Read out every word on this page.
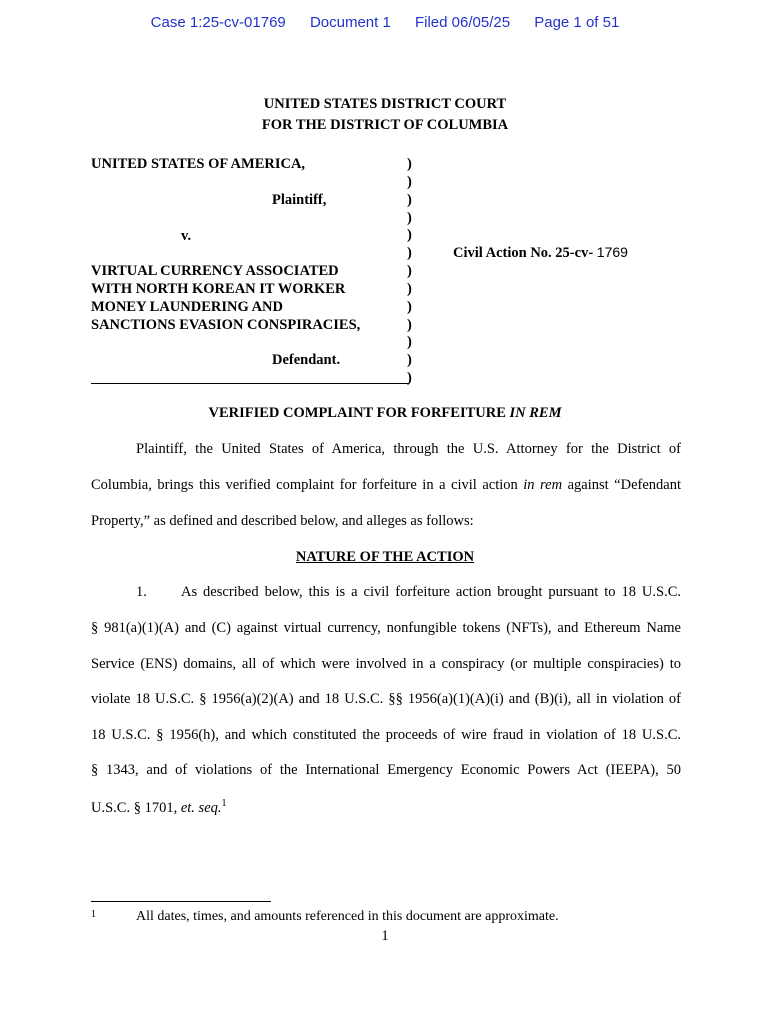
Case 1:25-cv-01769 Document 1 Filed 06/05/25 Page 1 of 51
UNITED STATES DISTRICT COURT
FOR THE DISTRICT OF COLUMBIA
UNITED STATES OF AMERICA,
Plaintiff,
v.
VIRTUAL CURRENCY ASSOCIATED
WITH NORTH KOREAN IT WORKER
MONEY LAUNDERING AND
SANCTIONS EVASION CONSPIRACIES,
Defendant.
)
)
)
)
)
)
)
)
)
)
)
)
)
Civil Action No. 25-cv- 1769
VERIFIED COMPLAINT FOR FORFEITURE IN REM
Plaintiff, the United States of America, through the U.S. Attorney for the District of
Columbia, brings this verified complaint for forfeiture in a civil action in rem against “Defendant
Property,” as defined and described below, and alleges as follows:
NATURE OF THE ACTION
1. As described below, this is a civil forfeiture action brought pursuant to 18 U.S.C.
§ 981(a)(1)(A) and (C) against virtual currency, nonfungible tokens (NFTs), and Ethereum Name
Service (ENS) domains, all of which were involved in a conspiracy (or multiple conspiracies) to
violate 18 U.S.C. § 1956(a)(2)(A) and 18 U.S.C. §§ 1956(a)(1)(A)(i) and (B)(i), all in violation of
18 U.S.C. § 1956(h), and which constituted the proceeds of wire fraud in violation of 18 U.S.C.
§ 1343, and of violations of the International Emergency Economic Powers Act (IEEPA), 50
U.S.C. § 1701, et. seq.$^1$
1	All dates, times, and amounts referenced in this document are approximate.
1
